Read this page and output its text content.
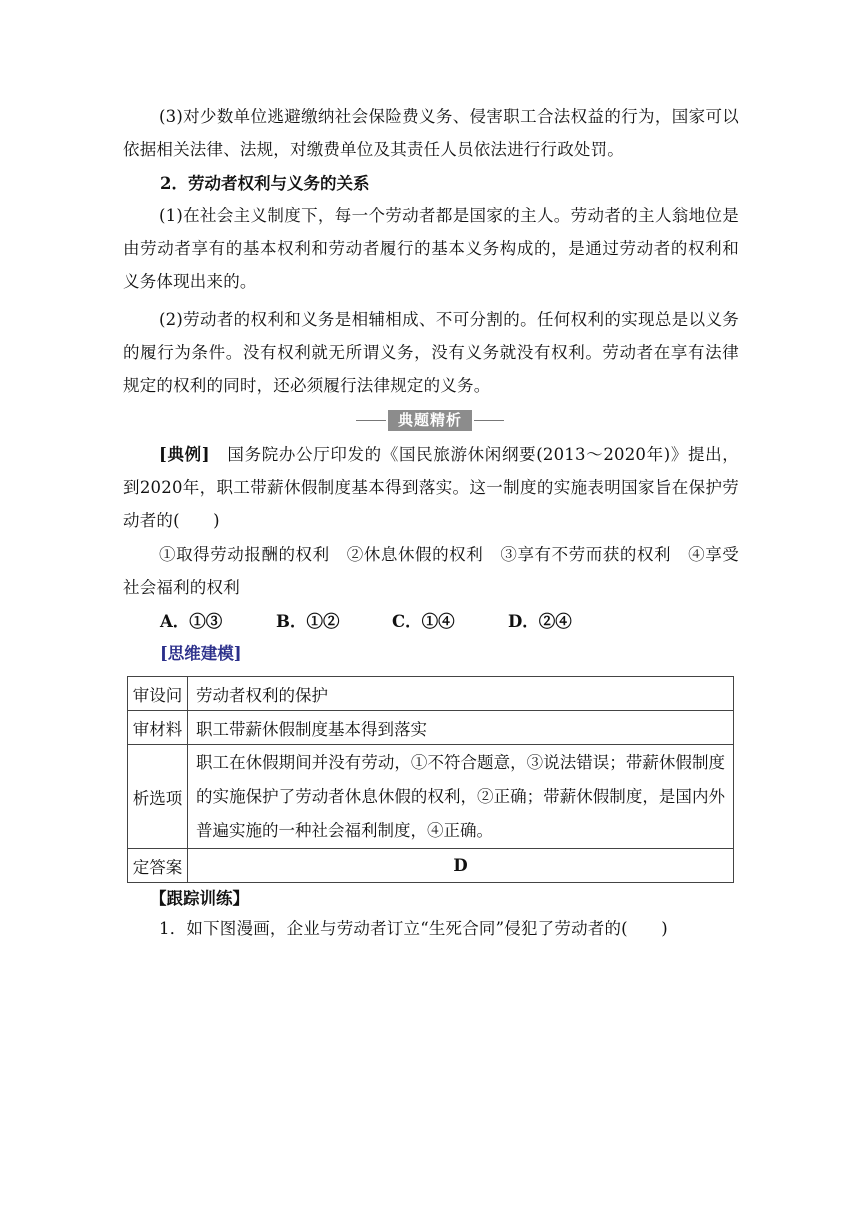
(3)对少数单位逃避缴纳社会保险费义务、侵害职工合法权益的行为，国家可以依据相关法律、法规，对缴费单位及其责任人员依法进行行政处罚。

2．劳动者权利与义务的关系

(1)在社会主义制度下，每一个劳动者都是国家的主人。劳动者的主人翁地位是由劳动者享有的基本权利和劳动者履行的基本义务构成的，是通过劳动者的权利和义务体现出来的。

(2)劳动者的权利和义务是相辅相成、不可分割的。任何权利的实现总是以义务的履行为条件。没有权利就无所谓义务，没有义务就没有权利。劳动者在享有法律规定的权利的同时，还必须履行法律规定的义务。

典题精析

[典例]　 国务院办公厅印发的《国民旅游休闲纲要(2013～2020年)》提出，到2020年，职工带薪休假制度基本得到落实。这一制度的实施表明国家旨在保护劳动者的(　　)

①取得劳动报酬的权利　②休息休假的权利　③享有不劳而获的权利　④享受社会福利的权利

A．①③	B．①②	C．①④	D．②④
[思维建模]
审设问	劳动者权利的保护
审材料	职工带薪休假制度基本得到落实
析选项	职工在休假期间并没有劳动，①不符合题意，③说法错误；带薪休假制度的实施保护了劳动者休息休假的权利，②正确；带薪休假制度，是国内外普遍实施的一种社会福利制度，④正确。
定答案	D
【跟踪训练】

1．如下图漫画，企业与劳动者订立“生死合同”侵犯了劳动者的(　　)
